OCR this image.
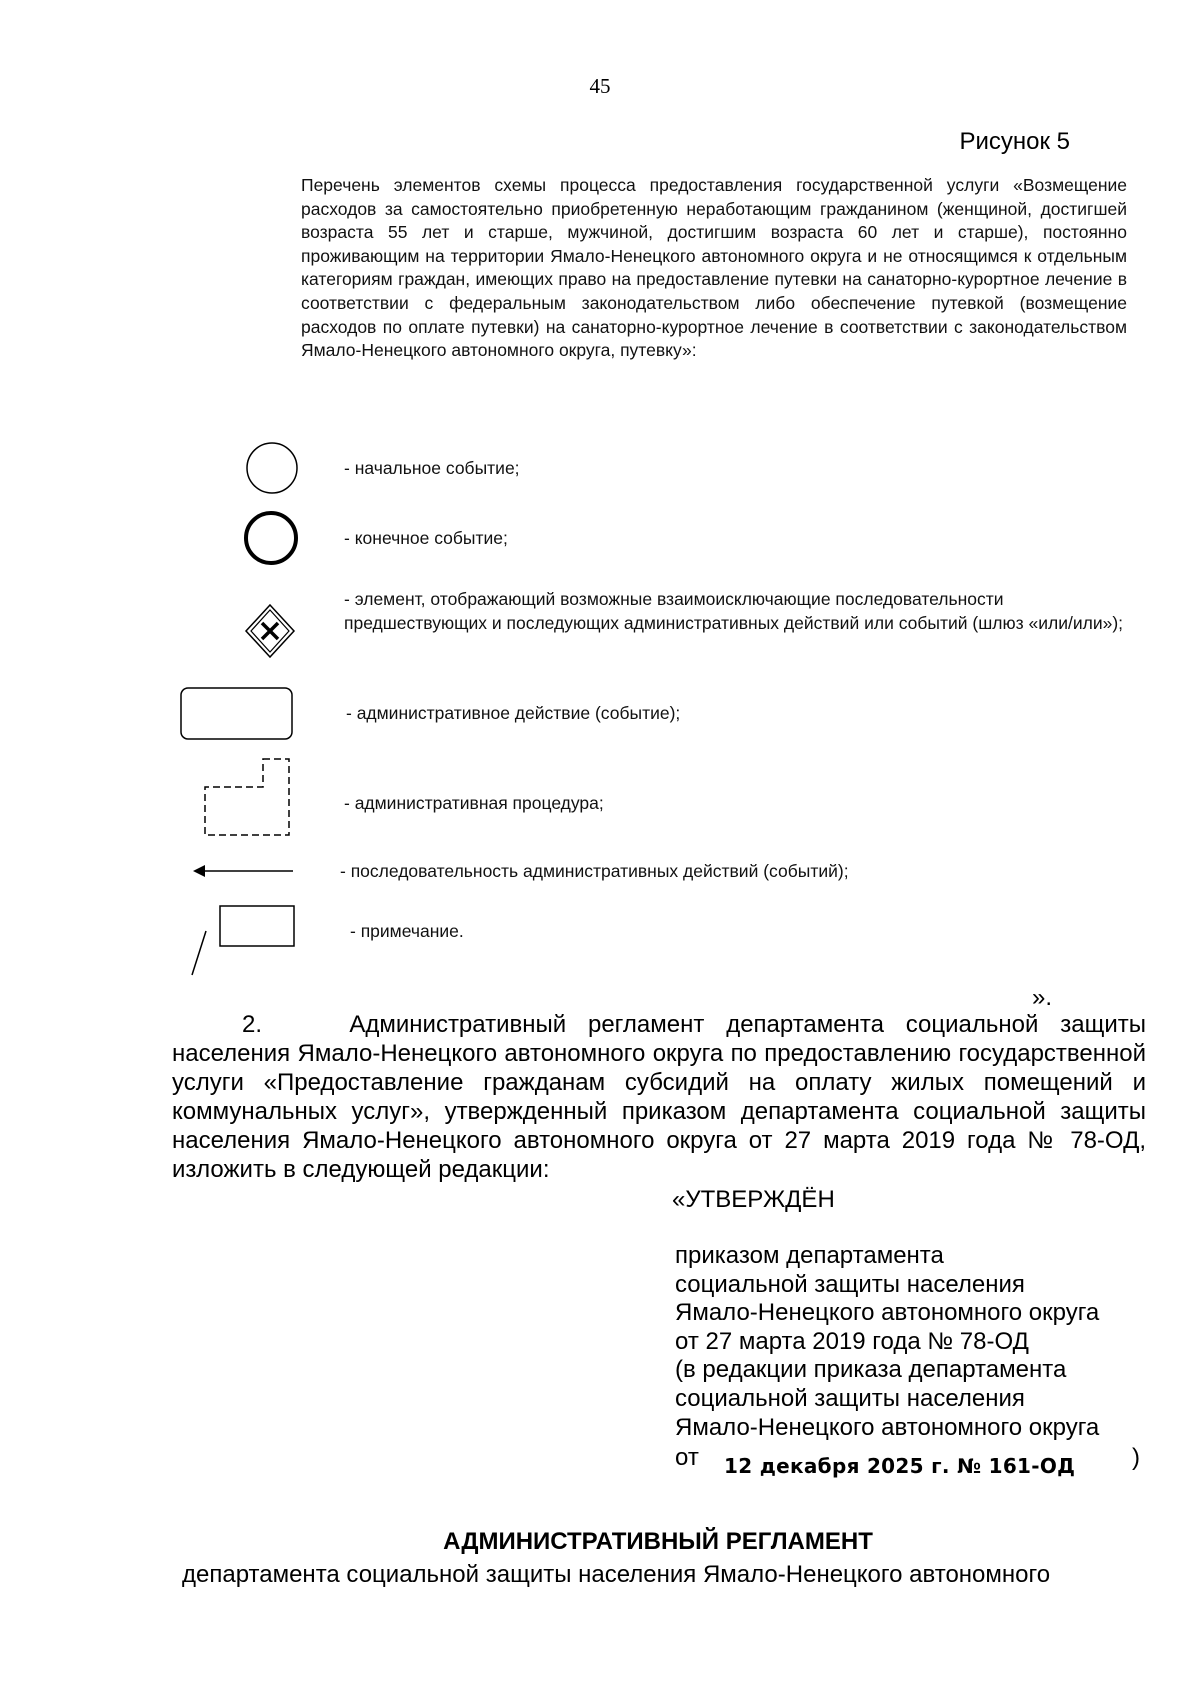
45
Рисунок 5
Перечень элементов схемы процесса предоставления государственной услуги «Возмещение расходов за самостоятельно приобретенную неработающим гражданином (женщиной, достигшей возраста 55 лет и старше, мужчиной, достигшим возраста 60 лет и старше), постоянно проживающим на территории Ямало-Ненецкого автономного округа и не относящимся к отдельным категориям граждан, имеющих право на предоставление путевки на санаторно-курортное лечение в соответствии с федеральным законодательством либо обеспечение путевкой (возмещение расходов по оплате путевки) на санаторно-курортное лечение в соответствии с законодательством Ямало-Ненецкого автономного округа, путевку»:
- начальное событие;
- конечное событие;
- элемент, отображающий возможные взаимоисключающие последовательности предшествующих и последующих административных действий или событий (шлюз «или/или»);
- административное действие (событие);
- административная процедура;
- последовательность административных действий (событий);
- примечание.
».
2.	Административный регламент департамента социальной защиты населения Ямало-Ненецкого автономного округа по предоставлению государственной услуги «Предоставление гражданам субсидий на оплату жилых помещений и коммунальных услуг», утвержденный приказом департамента социальной защиты населения Ямало-Ненецкого автономного округа от 27 марта 2019 года № 78-ОД, изложить в следующей редакции:
«УТВЕРЖДЁН
приказом департамента
социальной защиты населения
Ямало-Ненецкого автономного округа
от 27 марта 2019 года № 78-ОД
(в редакции приказа департамента
социальной защиты населения
Ямало-Ненецкого автономного округа
от 12 декабря 2025 г. № 161-ОД )
АДМИНИСТРАТИВНЫЙ РЕГЛАМЕНТ
департамента социальной защиты населения Ямало-Ненецкого автономного
